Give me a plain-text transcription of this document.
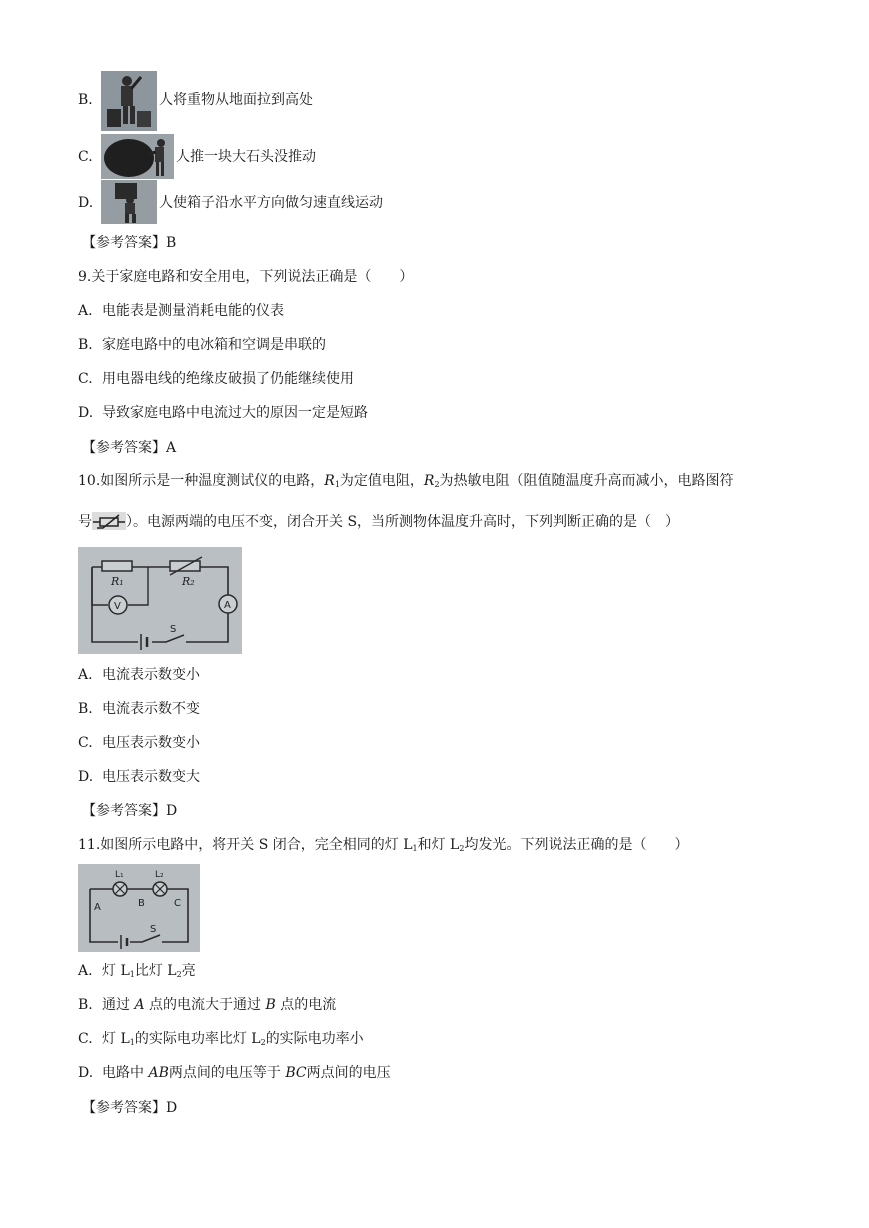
B.	人将重物从地面拉到高处
C.	人推一块大石头没推动
D.	人使箱子沿水平方向做匀速直线运动
【参考答案】B
9.关于家庭电路和安全用电，下列说法正确是（　　）
A. 电能表是测量消耗电能的仪表
B. 家庭电路中的电冰箱和空调是串联的
C. 用电器电线的绝缘皮破损了仍能继续使用
D. 导致家庭电路中电流过大的原因一定是短路
【参考答案】A
10.如图所示是一种温度测试仪的电路，$R_1$为定值电阻，$R_2$为热敏电阻（阻值随温度升高而减小，电路图符
号 ）。电源两端的电压不变，闭合开关 S，当所测物体温度升高时，下列判断正确的是（　）
R₁	R₂
V	A
S
A. 电流表示数变小
B. 电流表示数不变
C. 电压表示数变小
D. 电压表示数变大
【参考答案】D
11.如图所示电路中，将开关 S 闭合，完全相同的灯 $L_1$和灯 $L_2$均发光。下列说法正确的是（　　）
L₁	L₂
A	B	C
S
A. 灯 $L_1$比灯 $L_2$亮
B. 通过 A 点的电流大于通过 B 点的电流
C. 灯 $L_1$的实际电功率比灯 $L_2$的实际电功率小
D. 电路中 AB两点间的电压等于 BC两点间的电压
【参考答案】D
